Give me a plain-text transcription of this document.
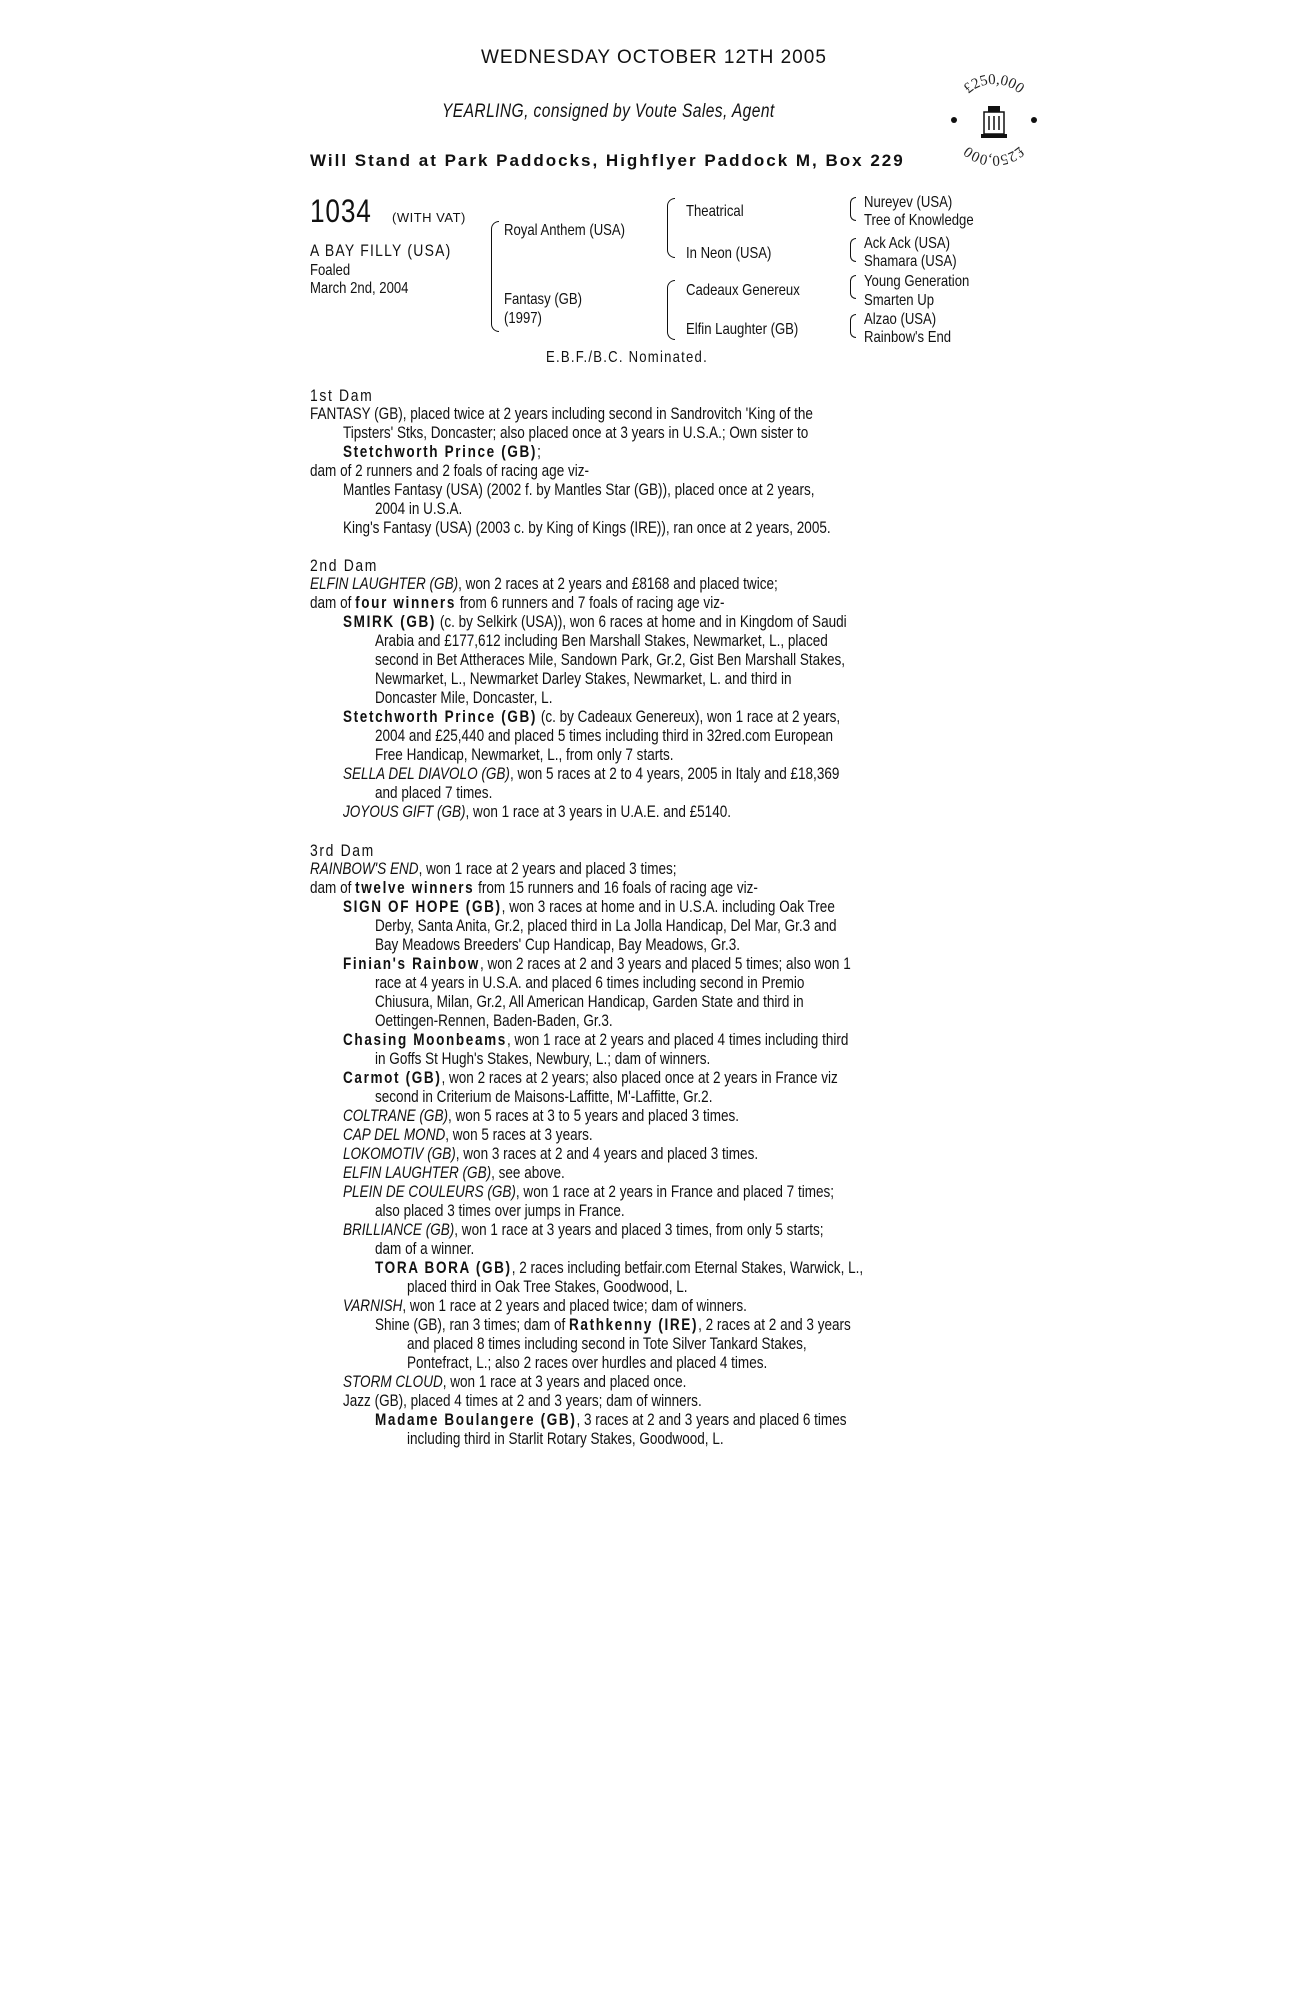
WEDNESDAY OCTOBER 12TH 2005
YEARLING, consigned by Voute Sales, Agent
Will Stand at Park Paddocks, Highflyer Paddock M, Box 229
£250,000
£250,000
1034 (WITH VAT)
A BAY FILLY (USA)
Foaled
March 2nd, 2004
Royal Anthem (USA)
Fantasy (GB)
(1997)
Theatrical
In Neon (USA)
Cadeaux Genereux
Elfin Laughter (GB)
Nureyev (USA)
Tree of Knowledge
Ack Ack (USA)
Shamara (USA)
Young Generation
Smarten Up
Alzao (USA)
Rainbow's End
E.B.F./B.C. Nominated.
1st Dam
FANTASY (GB), placed twice at 2 years including second in Sandrovitch 'King of the
Tipsters' Stks, Doncaster; also placed once at 3 years in U.S.A.; Own sister to
Stetchworth Prince (GB);
dam of 2 runners and 2 foals of racing age viz-
Mantles Fantasy (USA) (2002 f. by Mantles Star (GB)), placed once at 2 years,
2004 in U.S.A.
King's Fantasy (USA) (2003 c. by King of Kings (IRE)), ran once at 2 years, 2005.
2nd Dam
ELFIN LAUGHTER (GB), won 2 races at 2 years and £8168 and placed twice;
dam of four winners from 6 runners and 7 foals of racing age viz-
SMIRK (GB) (c. by Selkirk (USA)), won 6 races at home and in Kingdom of Saudi
Arabia and £177,612 including Ben Marshall Stakes, Newmarket, L., placed
second in Bet Attheraces Mile, Sandown Park, Gr.2, Gist Ben Marshall Stakes,
Newmarket, L., Newmarket Darley Stakes, Newmarket, L. and third in
Doncaster Mile, Doncaster, L.
Stetchworth Prince (GB) (c. by Cadeaux Genereux), won 1 race at 2 years,
2004 and £25,440 and placed 5 times including third in 32red.com European
Free Handicap, Newmarket, L., from only 7 starts.
SELLA DEL DIAVOLO (GB), won 5 races at 2 to 4 years, 2005 in Italy and £18,369
and placed 7 times.
JOYOUS GIFT (GB), won 1 race at 3 years in U.A.E. and £5140.
3rd Dam
RAINBOW'S END, won 1 race at 2 years and placed 3 times;
dam of twelve winners from 15 runners and 16 foals of racing age viz-
SIGN OF HOPE (GB), won 3 races at home and in U.S.A. including Oak Tree
Derby, Santa Anita, Gr.2, placed third in La Jolla Handicap, Del Mar, Gr.3 and
Bay Meadows Breeders' Cup Handicap, Bay Meadows, Gr.3.
Finian's Rainbow, won 2 races at 2 and 3 years and placed 5 times; also won 1
race at 4 years in U.S.A. and placed 6 times including second in Premio
Chiusura, Milan, Gr.2, All American Handicap, Garden State and third in
Oettingen-Rennen, Baden-Baden, Gr.3.
Chasing Moonbeams, won 1 race at 2 years and placed 4 times including third
in Goffs St Hugh's Stakes, Newbury, L.; dam of winners.
Carmot (GB), won 2 races at 2 years; also placed once at 2 years in France viz
second in Criterium de Maisons-Laffitte, M'-Laffitte, Gr.2.
COLTRANE (GB), won 5 races at 3 to 5 years and placed 3 times.
CAP DEL MOND, won 5 races at 3 years.
LOKOMOTIV (GB), won 3 races at 2 and 4 years and placed 3 times.
ELFIN LAUGHTER (GB), see above.
PLEIN DE COULEURS (GB), won 1 race at 2 years in France and placed 7 times;
also placed 3 times over jumps in France.
BRILLIANCE (GB), won 1 race at 3 years and placed 3 times, from only 5 starts;
dam of a winner.
TORA BORA (GB), 2 races including betfair.com Eternal Stakes, Warwick, L.,
placed third in Oak Tree Stakes, Goodwood, L.
VARNISH, won 1 race at 2 years and placed twice; dam of winners.
Shine (GB), ran 3 times; dam of Rathkenny (IRE), 2 races at 2 and 3 years
and placed 8 times including second in Tote Silver Tankard Stakes,
Pontefract, L.; also 2 races over hurdles and placed 4 times.
STORM CLOUD, won 1 race at 3 years and placed once.
Jazz (GB), placed 4 times at 2 and 3 years; dam of winners.
Madame Boulangere (GB), 3 races at 2 and 3 years and placed 6 times
including third in Starlit Rotary Stakes, Goodwood, L.
